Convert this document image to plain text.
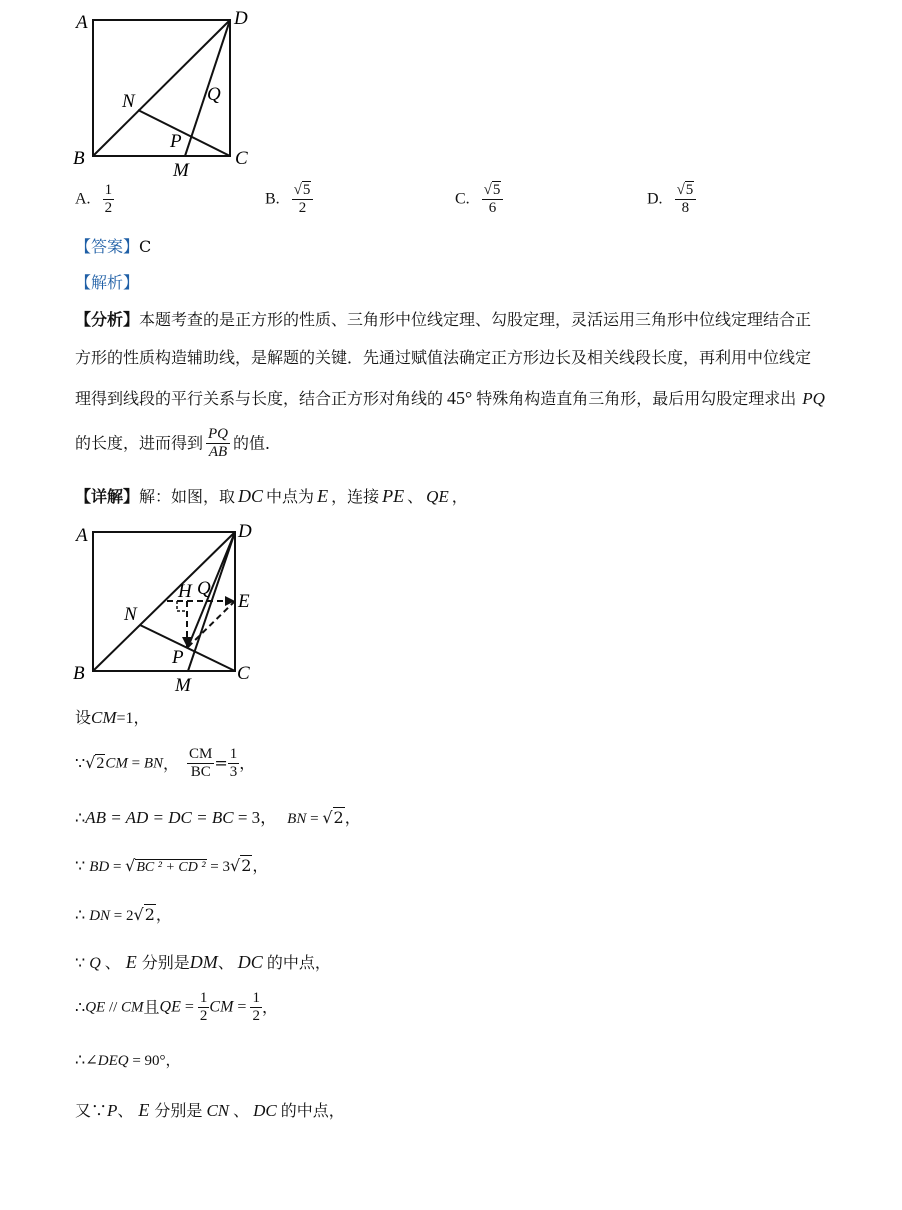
A	D
N	Q
P
B
M
C
A. $\frac{1}{2}$	B. $\frac{√5}{2}$	C. $\frac{√5}{6}$	D. $\frac{√5}{8}$
【答案】C
【解析】
【分析】本题考查的是正方形的性质、三角形中位线定理、勾股定理，灵活运用三角形中位线定理结合正
方形的性质构造辅助线，是解题的关键．先通过赋值法确定正方形边长及相关线段长度，再利用中位线定
理得到线段的平行关系与长度，结合正方形对角线的 45° 特殊角构造直角三角形，最后用勾股定理求出 PQ
的长度，进而得到 $\frac{PQ}{AB}$ 的值．
【详解】解：如图，取 DC 中点为 E ，连接 PE 、 QE ，
A	D
H Q
E
N
P
B
M
C
设CM=1，
∵√2CM = BN， $\frac{CM}{BC} = \frac{1}{3}$ ，
∴AB = AD = DC = BC = 3， BN = √2，
∵ BD = √BC ² + CD ² = 3√2，
∴ DN = 2√2，
∵ Q 、 E 分别是DM、 DC 的中点，
∴QE // CM且QE = $\frac{1}{2}$ CM = $\frac{1}{2}$ ，
∴∠DEQ = 90°，
又∵P、 E 分别是 CN 、 DC 的中点，
